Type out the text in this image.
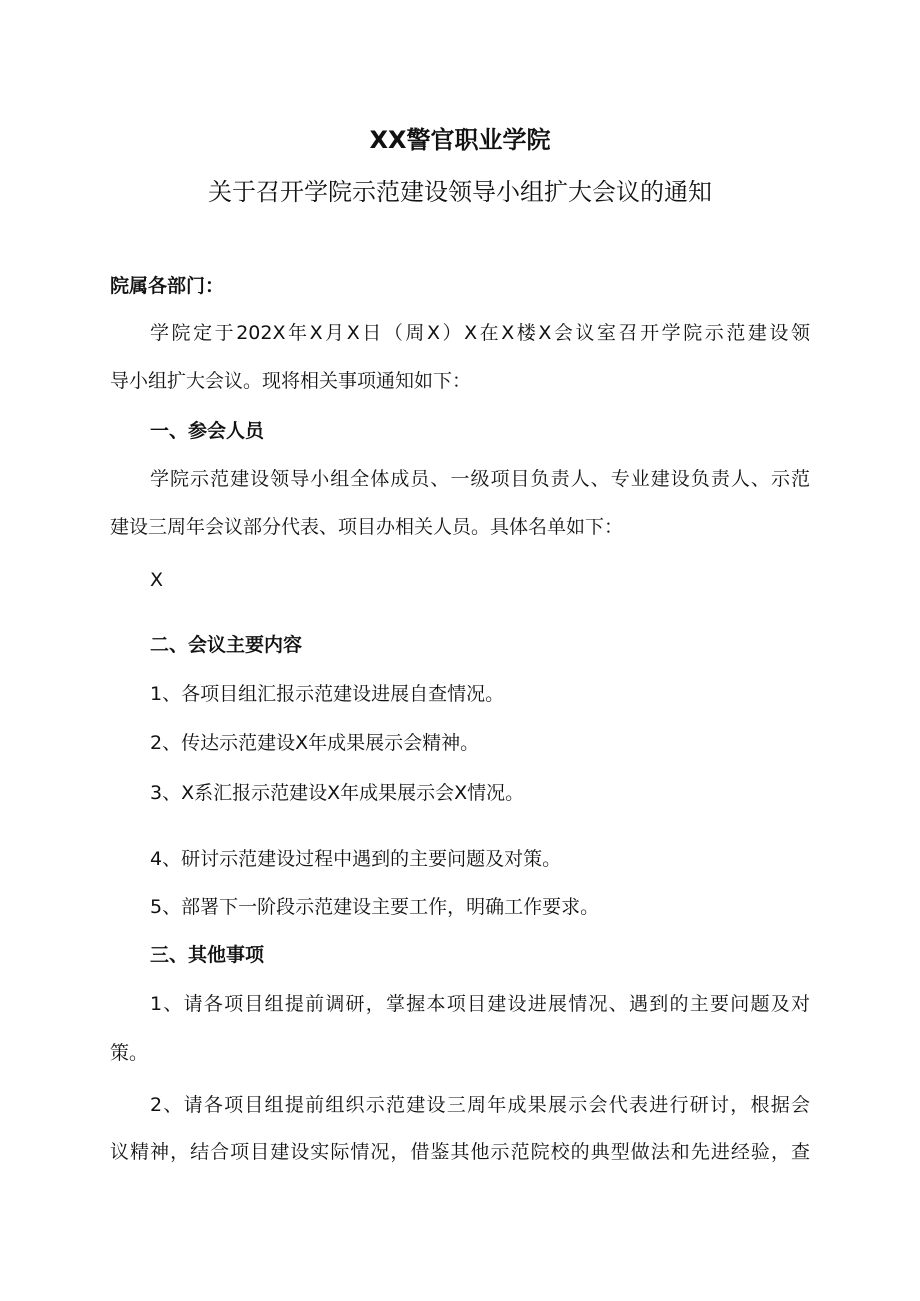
XX警官职业学院
关于召开学院示范建设领导小组扩大会议的通知
院属各部门：
学院定于202X年X月X日（周X）X在X楼X会议室召开学院示范建设领
导小组扩大会议。现将相关事项通知如下：
一、参会人员
学院示范建设领导小组全体成员、一级项目负责人、专业建设负责人、示范
建设三周年会议部分代表、项目办相关人员。具体名单如下：
X
二、会议主要内容
1、各项目组汇报示范建设进展自查情况。
2、传达示范建设X年成果展示会精神。
3、X系汇报示范建设X年成果展示会X情况。
4、研讨示范建设过程中遇到的主要问题及对策。
5、部署下一阶段示范建设主要工作，明确工作要求。
三、其他事项
1、请各项目组提前调研，掌握本项目建设进展情况、遇到的主要问题及对
策。
2、请各项目组提前组织示范建设三周年成果展示会代表进行研讨，根据会
议精神，结合项目建设实际情况，借鉴其他示范院校的典型做法和先进经验，查
